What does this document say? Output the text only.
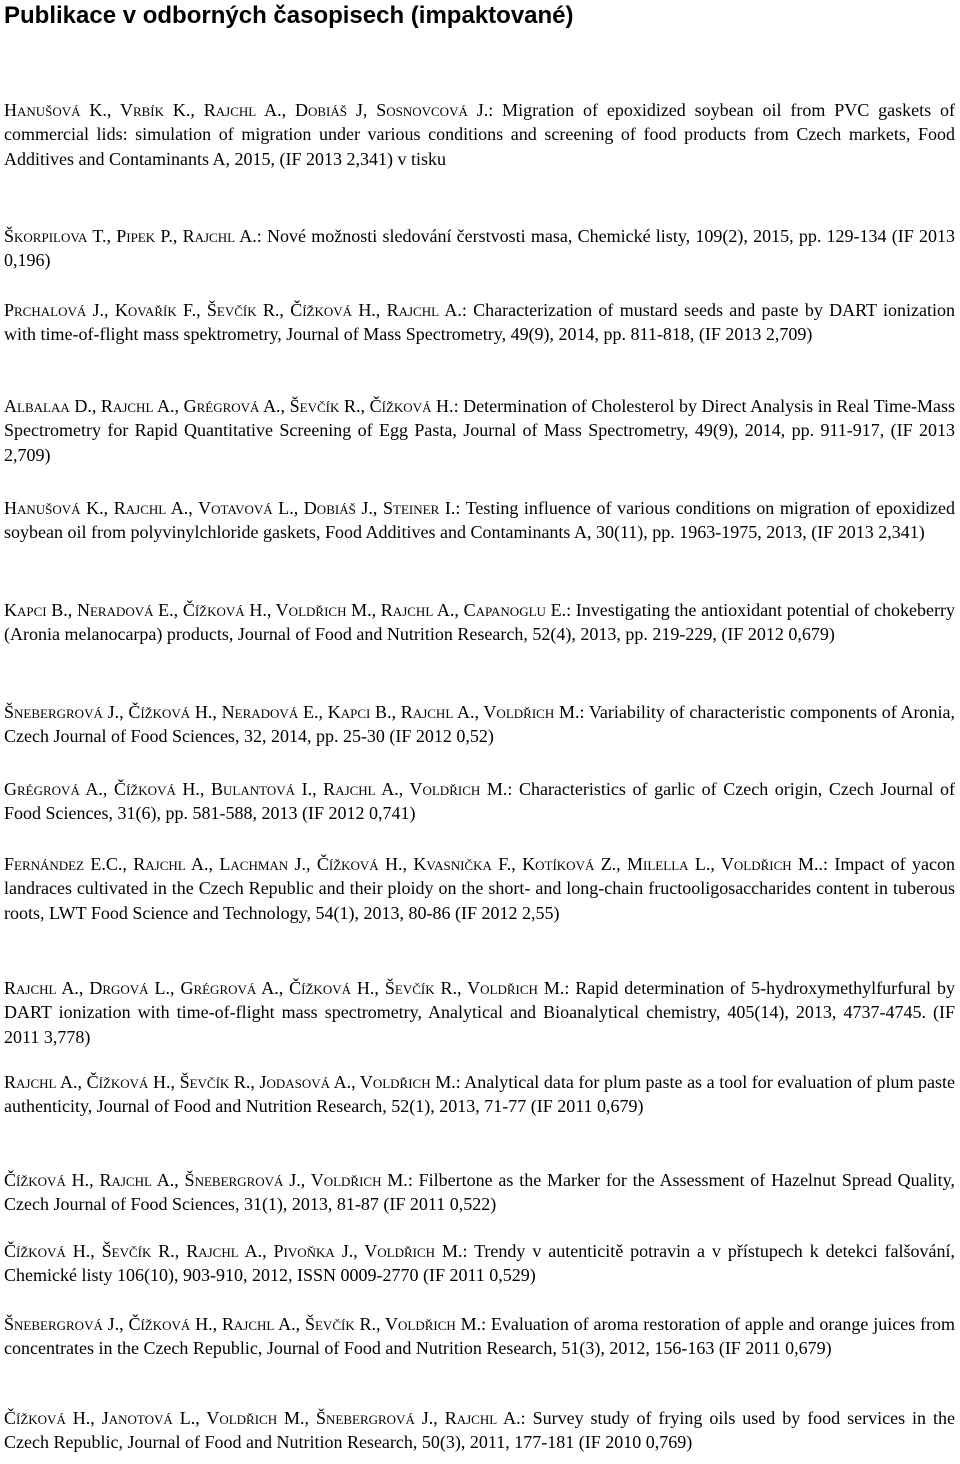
Publikace v odborných časopisech (impaktované)

Hanušová K., Vrbík K., Rajchl A., Dobiáš J, Sosnovcová J.: Migration of epoxidized soybean oil from PVC gaskets of commercial lids: simulation of migration under various conditions and screening of food products from Czech markets, Food Additives and Contaminants A, 2015, (IF 2013 2,341) v tisku

Škorpilova T., Pipek P., Rajchl A.: Nové možnosti sledování čerstvosti masa, Chemické listy, 109(2), 2015, pp. 129-134 (IF 2013 0,196)

Prchalová J., Kovařík F., Ševčík R., Čížková H., Rajchl A.: Characterization of mustard seeds and paste by DART ionization with time-of-flight mass spektrometry, Journal of Mass Spectrometry, 49(9), 2014, pp. 811-818, (IF 2013 2,709)

Albalaa D., Rajchl A., Grégrová A., Ševčík R., Čížková H.: Determination of Cholesterol by Direct Analysis in Real Time-Mass Spectrometry for Rapid Quantitative Screening of Egg Pasta, Journal of Mass Spectrometry, 49(9), 2014, pp. 911-917, (IF 2013 2,709)

Hanušová K., Rajchl A., Votavová L., Dobiáš J., Steiner I.: Testing influence of various conditions on migration of epoxidized soybean oil from polyvinylchloride gaskets, Food Additives and Contaminants A, 30(11), pp. 1963-1975, 2013, (IF 2013 2,341)

Kapci B., Neradová E., Čížková H., Voldřich M., Rajchl A., Capanoglu E.: Investigating the antioxidant potential of chokeberry (Aronia melanocarpa) products, Journal of Food and Nutrition Research, 52(4), 2013, pp. 219-229, (IF 2012 0,679)

Šnebergrová J., Čížková H., Neradová E., Kapci B., Rajchl A., Voldřich M.: Variability of characteristic components of Aronia, Czech Journal of Food Sciences, 32, 2014, pp. 25-30 (IF 2012 0,52)

Grégrová A., Čížková H., Bulantová I., Rajchl A., Voldřich M.: Characteristics of garlic of Czech origin, Czech Journal of Food Sciences, 31(6), pp. 581-588, 2013 (IF 2012 0,741)

Fernández E.C., Rajchl A., Lachman J., Čížková H., Kvasnička F., Kotíková Z., Milella L., Voldřich M..: Impact of yacon landraces cultivated in the Czech Republic and their ploidy on the short- and long-chain fructooligosaccharides content in tuberous roots, LWT Food Science and Technology, 54(1), 2013, 80-86 (IF 2012 2,55)

Rajchl A., Drgová L., Grégrová A., Čížková H., Ševčík R., Voldřich M.: Rapid determination of 5-hydroxymethylfurfural by DART ionization with time-of-flight mass spectrometry, Analytical and Bioanalytical chemistry, 405(14), 2013, 4737-4745. (IF 2011 3,778)

Rajchl A., Čížková H., Ševčík R., Jodasová A., Voldřich M.: Analytical data for plum paste as a tool for evaluation of plum paste authenticity, Journal of Food and Nutrition Research, 52(1), 2013, 71-77 (IF 2011 0,679)

Čížková H., Rajchl A., Šnebergrová J., Voldřich M.: Filbertone as the Marker for the Assessment of Hazelnut Spread Quality, Czech Journal of Food Sciences, 31(1), 2013, 81-87 (IF 2011 0,522)

Čížková H., Ševčík R., Rajchl A., Pivoňka J., Voldřich M.: Trendy v autenticitě potravin a v přístupech k detekci falšování, Chemické listy 106(10), 903-910, 2012, ISSN 0009-2770 (IF 2011 0,529)

Šnebergrová J., Čížková H., Rajchl A., Ševčík R., Voldřich M.: Evaluation of aroma restoration of apple and orange juices from concentrates in the Czech Republic, Journal of Food and Nutrition Research, 51(3), 2012, 156-163 (IF 2011 0,679)

Čížková H., Janotová L., Voldřich M., Šnebergrová J., Rajchl A.: Survey study of frying oils used by food services in the Czech Republic, Journal of Food and Nutrition Research, 50(3), 2011, 177-181 (IF 2010 0,769)
